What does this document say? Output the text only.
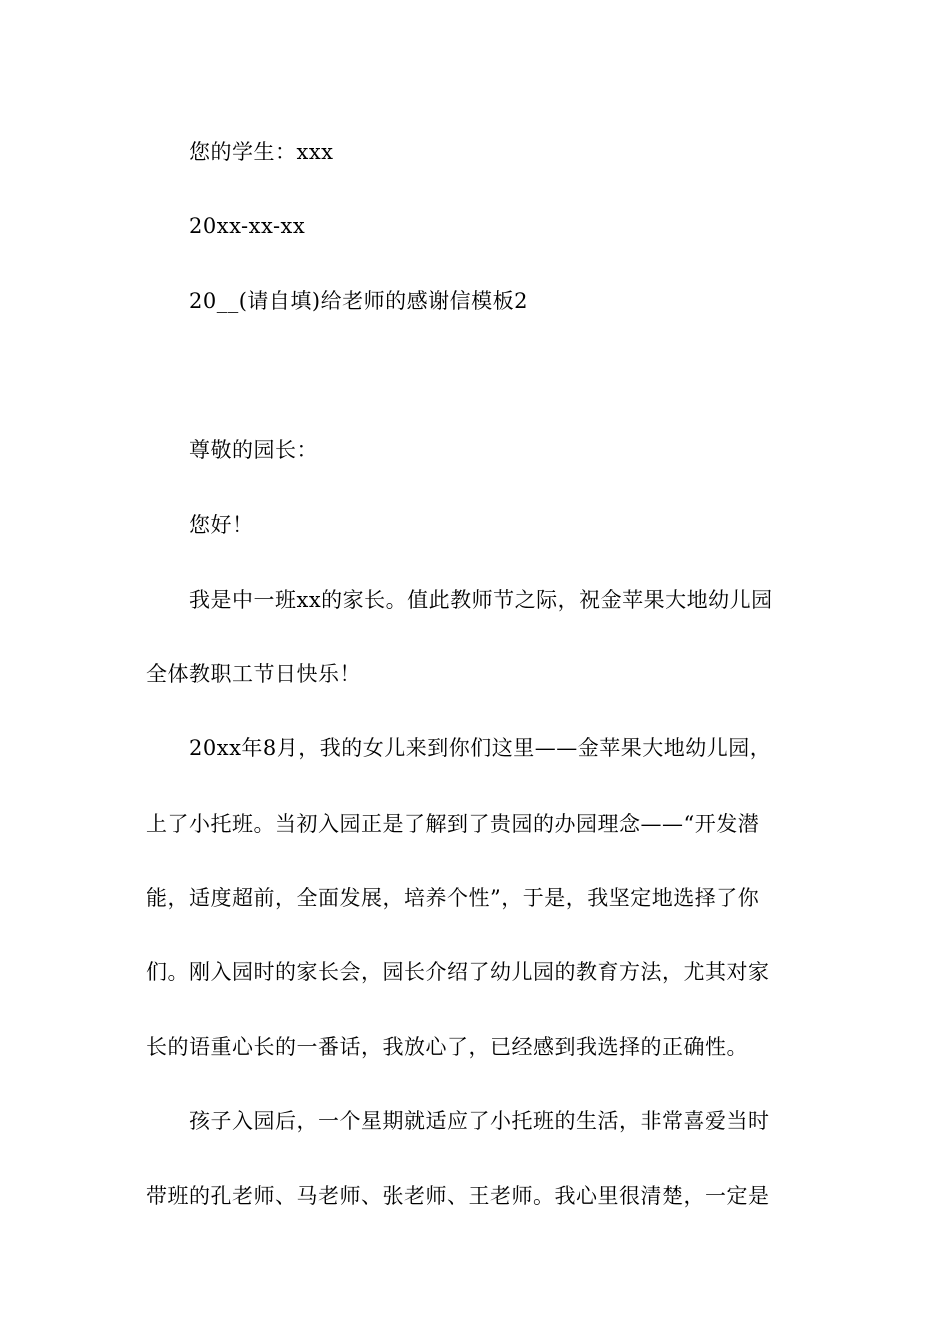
您的学生：xxx
20xx-xx-xx
20__(请自填)给老师的感谢信模板2
尊敬的园长：
您好！
我是中一班xx的家长。值此教师节之际，祝金苹果大地幼儿园
全体教职工节日快乐！
20xx年8月，我的女儿来到你们这里——金苹果大地幼儿园，
上了小托班。当初入园正是了解到了贵园的办园理念——“开发潜
能，适度超前，全面发展，培养个性”，于是，我坚定地选择了你
们。刚入园时的家长会，园长介绍了幼儿园的教育方法，尤其对家
长的语重心长的一番话，我放心了，已经感到我选择的正确性。
孩子入园后，一个星期就适应了小托班的生活，非常喜爱当时
带班的孔老师、马老师、张老师、王老师。我心里很清楚，一定是
